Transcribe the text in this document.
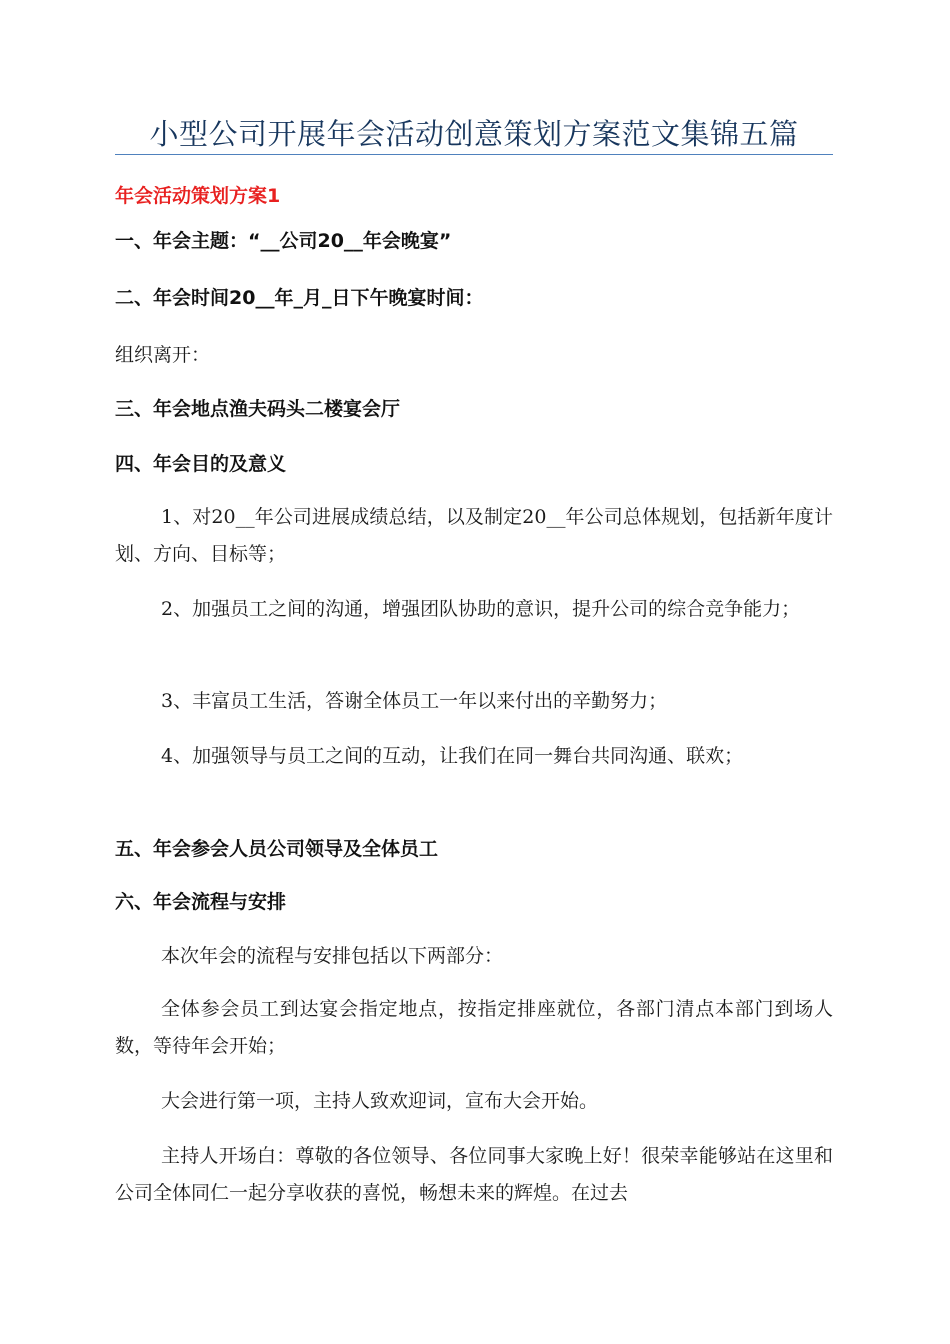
小型公司开展年会活动创意策划方案范文集锦五篇

年会活动策划方案1

一、年会主题：“__公司20__年会晚宴”

二、年会时间20__年_月_日下午晚宴时间：

组织离开：

三、年会地点渔夫码头二楼宴会厅

四、年会目的及意义

1、对20__年公司进展成绩总结，以及制定20__年公司总体规划，包括新年度计划、方向、目标等；

2、加强员工之间的沟通，增强团队协助的意识，提升公司的综合竞争能力；

3、丰富员工生活，答谢全体员工一年以来付出的辛勤努力；

4、加强领导与员工之间的互动，让我们在同一舞台共同沟通、联欢；

五、年会参会人员公司领导及全体员工

六、年会流程与安排

本次年会的流程与安排包括以下两部分：

全体参会员工到达宴会指定地点，按指定排座就位，各部门清点本部门到场人数，等待年会开始；

大会进行第一项，主持人致欢迎词，宣布大会开始。

主持人开场白：尊敬的各位领导、各位同事大家晚上好！很荣幸能够站在这里和公司全体同仁一起分享收获的喜悦，畅想未来的辉煌。在过去
